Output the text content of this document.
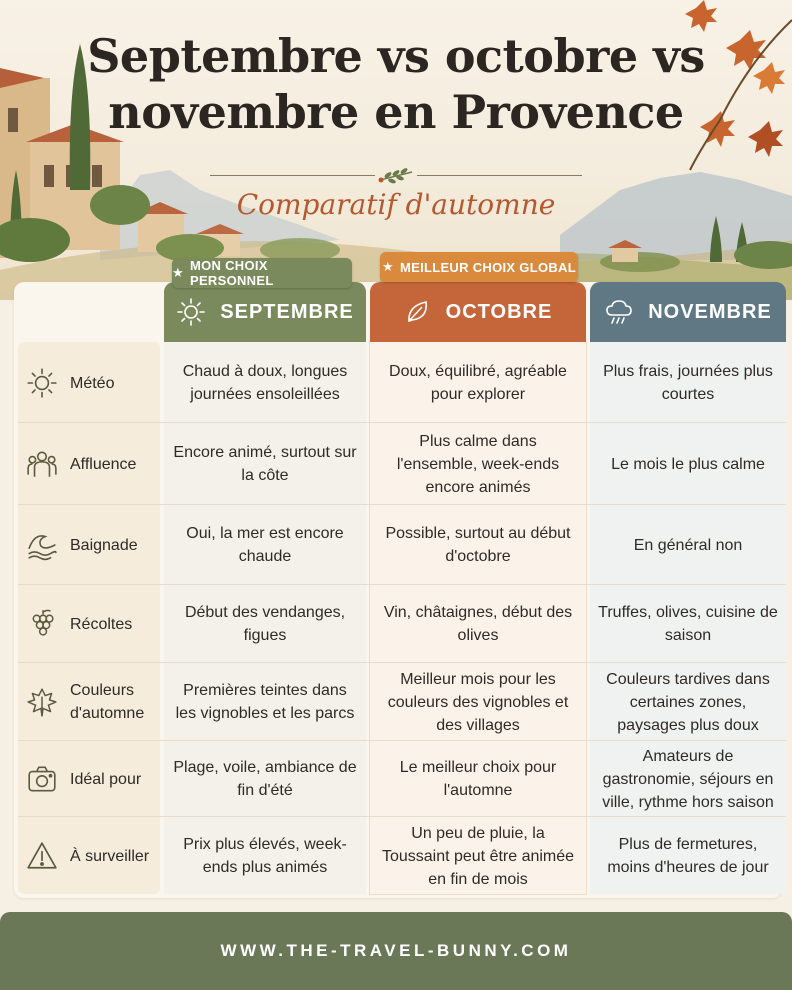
Septembre vs octobre vs
novembre en Provence
Comparatif d'automne
SEPTEMBRE	OCTOBRE	NOVEMBRE
★ MON CHOIX PERSONNEL
★ MEILLEUR CHOIX GLOBAL
Météo
Chaud à doux, longues journées ensoleillées
Doux, équilibré, agréable pour explorer
Plus frais, journées plus courtes
Affluence
Encore animé, surtout sur la côte
Plus calme dans l'ensemble, week-ends encore animés
Le mois le plus calme
Baignade
Oui, la mer est encore chaude
Possible, surtout au début d'octobre
En général non
Récoltes
Début des vendanges, figues
Vin, châtaignes, début des olives
Truffes, olives, cuisine de saison
Couleurs d'automne
Premières teintes dans les vignobles et les parcs
Meilleur mois pour les couleurs des vignobles et des villages
Couleurs tardives dans certaines zones, paysages plus doux
Idéal pour
Plage, voile, ambiance de fin d'été
Le meilleur choix pour l'automne
Amateurs de gastronomie, séjours en ville, rythme hors saison
À surveiller
Prix plus élevés, week-ends plus animés
Un peu de pluie, la Toussaint peut être animée en fin de mois
Plus de fermetures, moins d'heures de jour
WWW.THE-TRAVEL-BUNNY.COM
